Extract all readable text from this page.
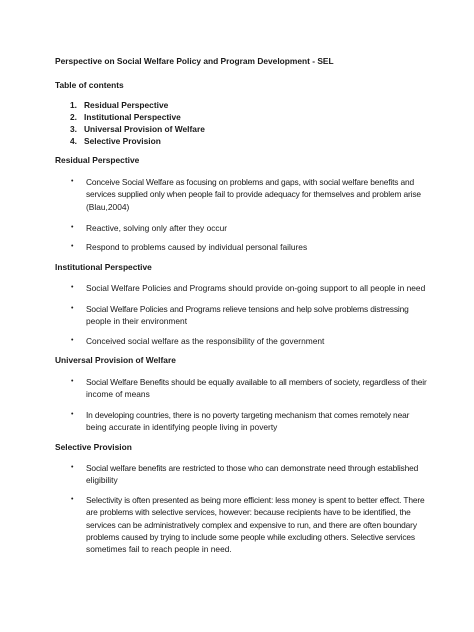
Perspective on Social Welfare Policy and Program Development - SEL
Table of contents
1. Residual Perspective
2. Institutional Perspective
3. Universal Provision of Welfare
4. Selective Provision
Residual Perspective
• Conceive Social Welfare as focusing on problems and gaps, with social welfare benefits and
services supplied only when people fail to provide adequacy for themselves and problem arise
(Blau,2004)
• Reactive, solving only after they occur
• Respond to problems caused by individual personal failures
Institutional Perspective
• Social Welfare Policies and Programs should provide on-going support to all people in need
• Social Welfare Policies and Programs relieve tensions and help solve problems distressing
people in their environment
• Conceived social welfare as the responsibility of the government
Universal Provision of Welfare
• Social Welfare Benefits should be equally available to all members of society, regardless of their
income of means
• In developing countries, there is no poverty targeting mechanism that comes remotely near
being accurate in identifying people living in poverty
Selective Provision
• Social welfare benefits are restricted to those who can demonstrate need through established
eligibility
• Selectivity is often presented as being more efficient: less money is spent to better effect. There
are problems with selective services, however: because recipients have to be identified, the
services can be administratively complex and expensive to run, and there are often boundary
problems caused by trying to include some people while excluding others. Selective services
sometimes fail to reach people in need.
